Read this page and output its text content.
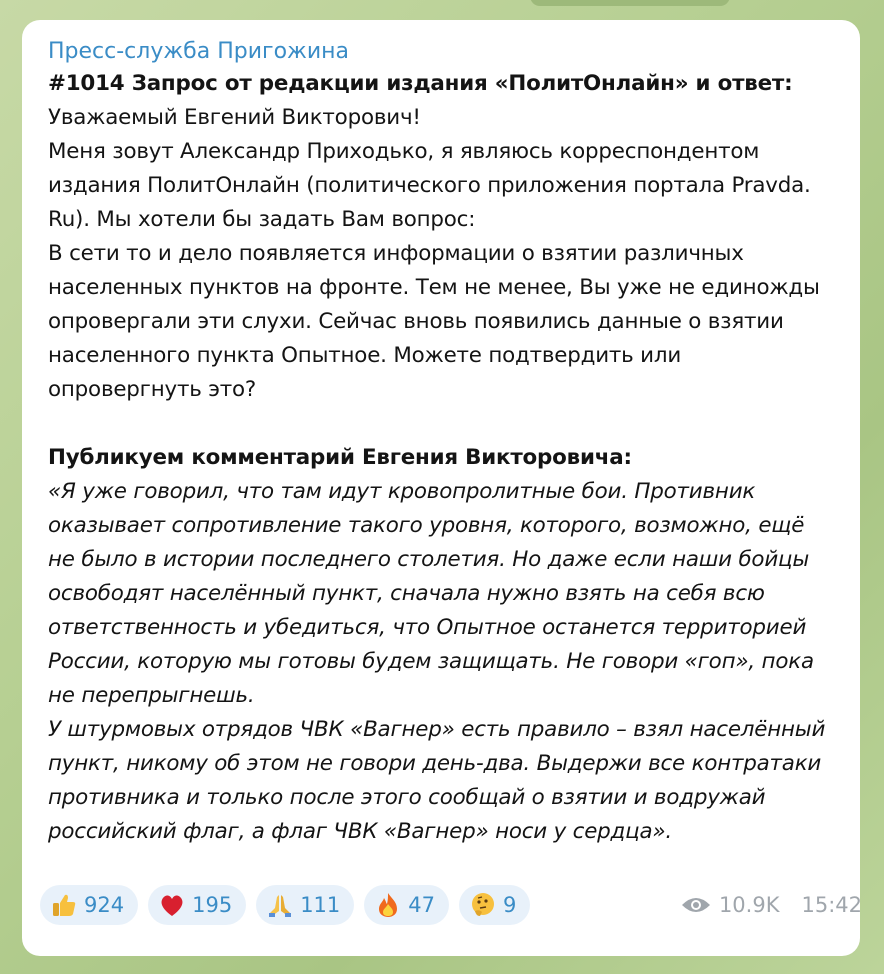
Пресс-служба Пригожина

#1014 Запрос от редакции издания «ПолитОнлайн» и ответ:

Уважаемый Евгений Викторович!

Меня зовут Александр Приходько, я являюсь корреспондентом издания ПолитОнлайн (политического приложения портала Pravda. Ru). Мы хотели бы задать Вам вопрос:

В сети то и дело появляется информации о взятии различных населенных пунктов на фронте. Тем не менее, Вы уже не единожды опровергали эти слухи. Сейчас вновь появились данные о взятии населенного пункта Опытное. Можете подтвердить или опровергнуть это?

Публикуем комментарий Евгения Викторовича:

«Я уже говорил, что там идут кровопролитные бои. Противник оказывает сопротивление такого уровня, которого, возможно, ещё не было в истории последнего столетия. Но даже если наши бойцы освободят населённый пункт, сначала нужно взять на себя всю ответственность и убедиться, что Опытное останется территорией России, которую мы готовы будем защищать. Не говори «гоп», пока не перепрыгнешь.

У штурмовых отрядов ЧВК «Вагнер» есть правило – взял населённый пункт, никому об этом не говори день-два. Выдержи все контратаки противника и только после этого сообщай о взятии и водружай российский флаг, а флаг ЧВК «Вагнер» носи у сердца».

924	195	111	47	9	10.9K 15:42
